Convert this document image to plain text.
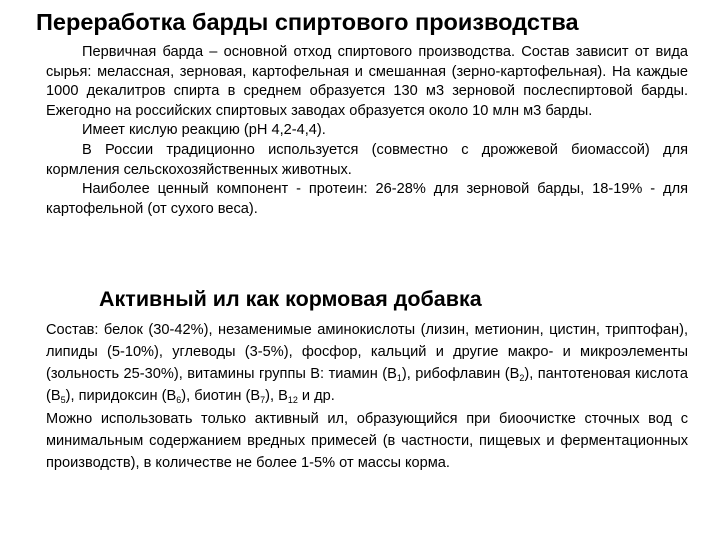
Переработка барды спиртового производства

Первичная барда – основной отход спиртового производства. Состав зависит от вида сырья: мелассная, зерновая, картофельная и смешанная (зерно-картофельная). На каждые 1000 декалитров спирта в среднем образуется 130 м3 зерновой послеспиртовой барды. Ежегодно на российских спиртовых заводах образуется около 10 млн м3 барды.

Имеет кислую реакцию (рН 4,2-4,4).

В России традиционно используется (совместно с дрожжевой биомассой) для кормления сельскохозяйственных животных.

Наиболее ценный компонент - протеин: 26-28% для зерновой барды, 18-19% - для картофельной (от сухого веса).

Активный ил как кормовая добавка

Состав: белок (30-42%), незаменимые аминокислоты (лизин, метионин, цистин, триптофан), липиды (5-10%), углеводы (3-5%), фосфор, кальций и другие макро- и микроэлементы (зольность 25-30%), витамины группы В: тиамин $(В_1)$, рибофлавин $(В_2)$, пантотеновая кислота $(В_5)$, пиридоксин $(В_6)$, биотин $(В_7)$, $В_{12}$ и др.

Можно использовать только активный ил, образующийся при биоочистке сточных вод с минимальным содержанием вредных примесей (в частности, пищевых и ферментационных производств), в количестве не более 1-5% от массы корма.
